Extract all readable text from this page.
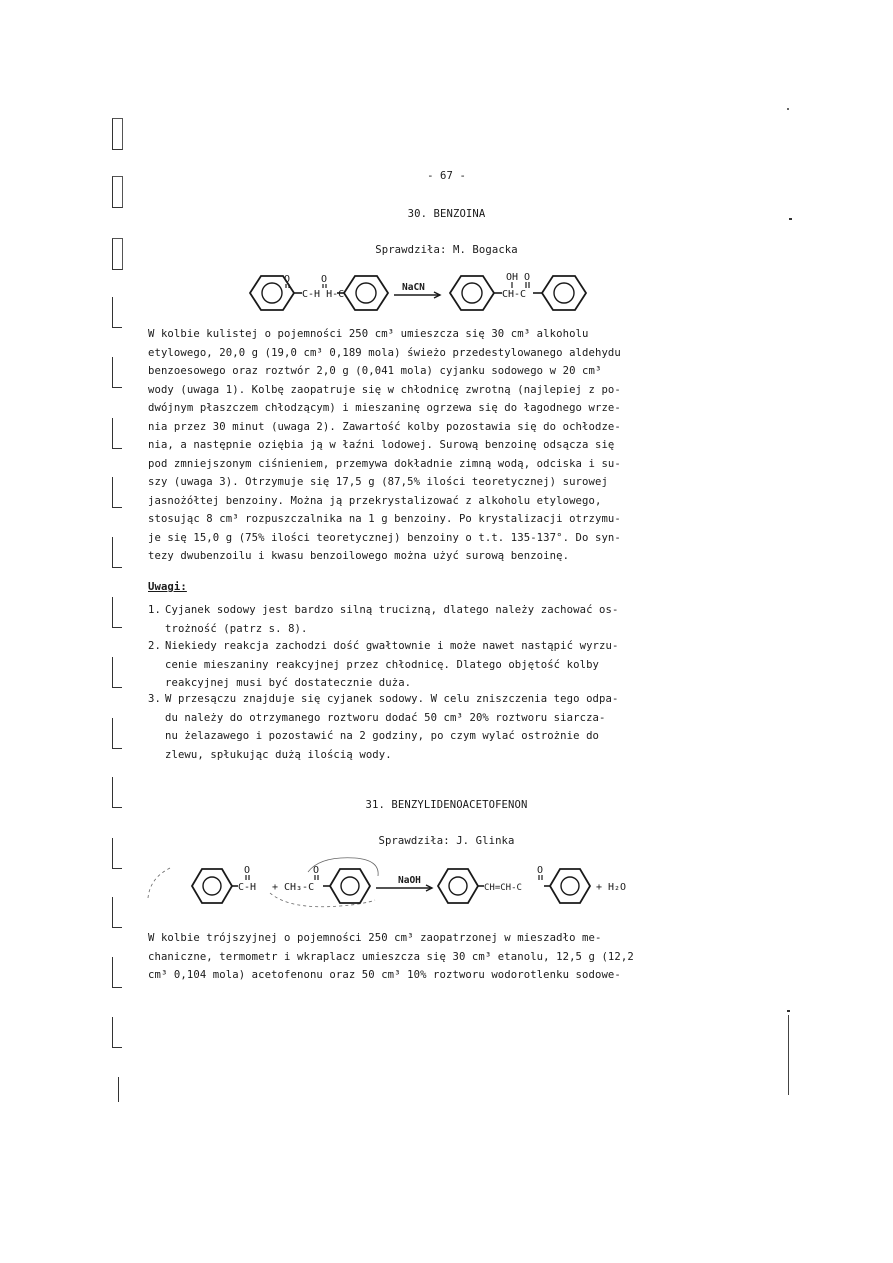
- 67 -
30. BENZOINA
Sprawdziła: M. Bogacka
C-H H-C
O	O
NaCN
CH-C
OH O
W kolbie kulistej o pojemności 250 cm³ umieszcza się 30 cm³ alkoholu
etylowego, 20,0 g (19,0 cm³ 0,189 mola) świeżo przedestylowanego aldehydu
benzoesowego oraz roztwór 2,0 g (0,041 mola) cyjanku sodowego w 20 cm³
wody (uwaga 1). Kolbę zaopatruje się w chłodnicę zwrotną (najlepiej z po-
dwójnym płaszczem chłodzącym) i mieszaninę ogrzewa się do łagodnego wrze-
nia przez 30 minut (uwaga 2). Zawartość kolby pozostawia się do ochłodze-
nia, a następnie oziębia ją w łaźni lodowej. Surową benzoinę odsącza się
pod zmniejszonym ciśnieniem, przemywa dokładnie zimną wodą, odciska i su-
szy (uwaga 3). Otrzymuje się 17,5 g (87,5% ilości teoretycznej) surowej
jasnożółtej benzoiny. Można ją przekrystalizować z alkoholu etylowego,
stosując 8 cm³ rozpuszczalnika na 1 g benzoiny. Po krystalizacji otrzymu-
je się 15,0 g (75% ilości teoretycznej) benzoiny o t.t. 135-137°. Do syn-
tezy dwubenzoilu i kwasu benzoilowego można użyć surową benzoinę.
Uwagi:
1. Cyjanek sodowy jest bardzo silną trucizną, dlatego należy zachować os-
trożność (patrz s. 8).
2. Niekiedy reakcja zachodzi dość gwałtownie i może nawet nastąpić wyrzu-
cenie mieszaniny reakcyjnej przez chłodnicę. Dlatego objętość kolby
reakcyjnej musi być dostatecznie duża.
3. W przesączu znajduje się cyjanek sodowy. W celu zniszczenia tego odpa-
du należy do otrzymanego roztworu dodać 50 cm³ 20% roztworu siarcza-
nu żelazawego i pozostawić na 2 godziny, po czym wylać ostrożnie do
zlewu, spłukując dużą ilością wody.
31. BENZYLIDENOACETOFENON
Sprawdziła: J. Glinka
C-H
O
+ CH₃-C
O
NaOH
CH=CH-C
O
+ H₂O
W kolbie trójszyjnej o pojemności 250 cm³ zaopatrzonej w mieszadło me-
chaniczne, termometr i wkraplacz umieszcza się 30 cm³ etanolu, 12,5 g (12,2
cm³ 0,104 mola) acetofenonu oraz 50 cm³ 10% roztworu wodorotlenku sodowe-
